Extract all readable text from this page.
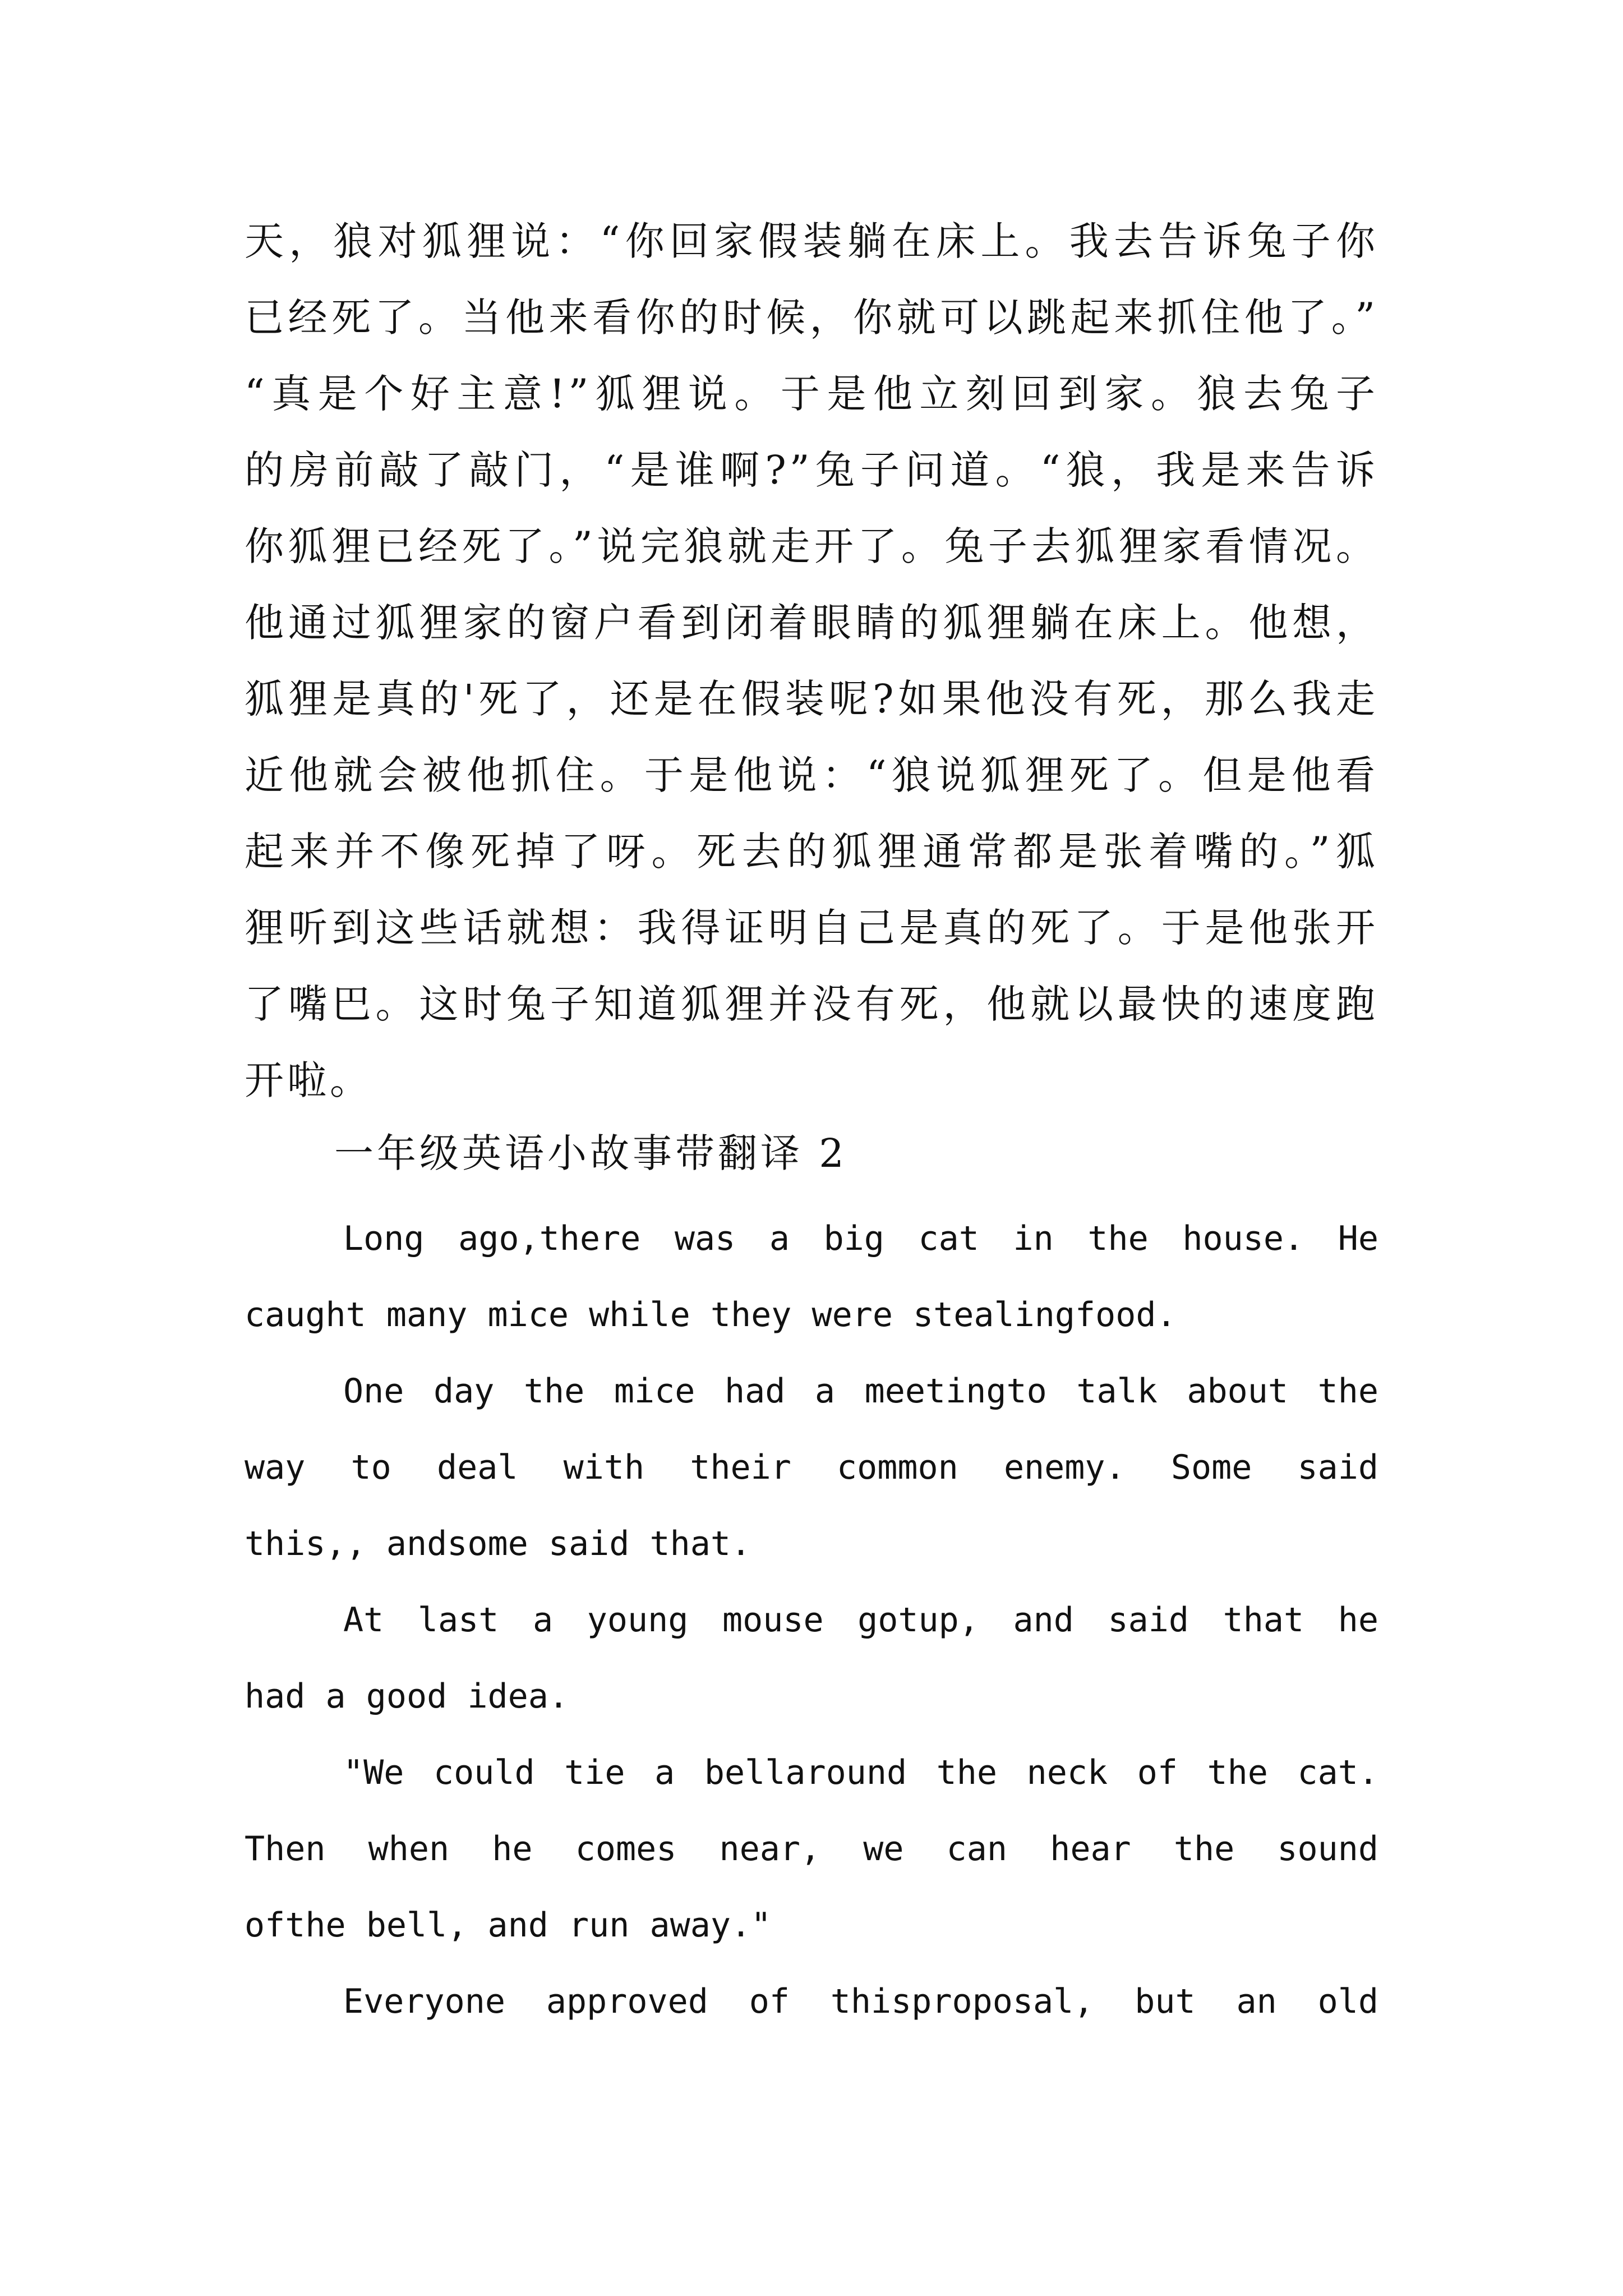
天，狼对狐狸说：“你回家假装躺在床上。我去告诉兔子你
已经死了。当他来看你的时候，你就可以跳起来抓住他了。”
“真是个好主意!”狐狸说。于是他立刻回到家。狼去兔子
的房前敲了敲门，“是谁啊?”兔子问道。“狼，我是来告诉
你狐狸已经死了。”说完狼就走开了。兔子去狐狸家看情况。
他通过狐狸家的窗户看到闭着眼睛的狐狸躺在床上。他想，
狐狸是真的'死了，还是在假装呢?如果他没有死，那么我走
近他就会被他抓住。于是他说：“狼说狐狸死了。但是他看
起来并不像死掉了呀。死去的狐狸通常都是张着嘴的。”狐
狸听到这些话就想：我得证明自己是真的死了。于是他张开
了嘴巴。这时兔子知道狐狸并没有死，他就以最快的速度跑
开啦。
一年级英语小故事带翻译 2
Long ago,there was a big cat in the house. He
caught many mice while they were stealingfood.
One day the mice had a meetingto talk about the
way to deal with their common enemy. Some said
this,, andsome said that.
At last a young mouse gotup, and said that he
had a good idea.
"We could tie a bellaround the neck of the cat.
Then when he comes near, we can hear the sound
ofthe bell, and run away."
Everyone approved of thisproposal, but an old
